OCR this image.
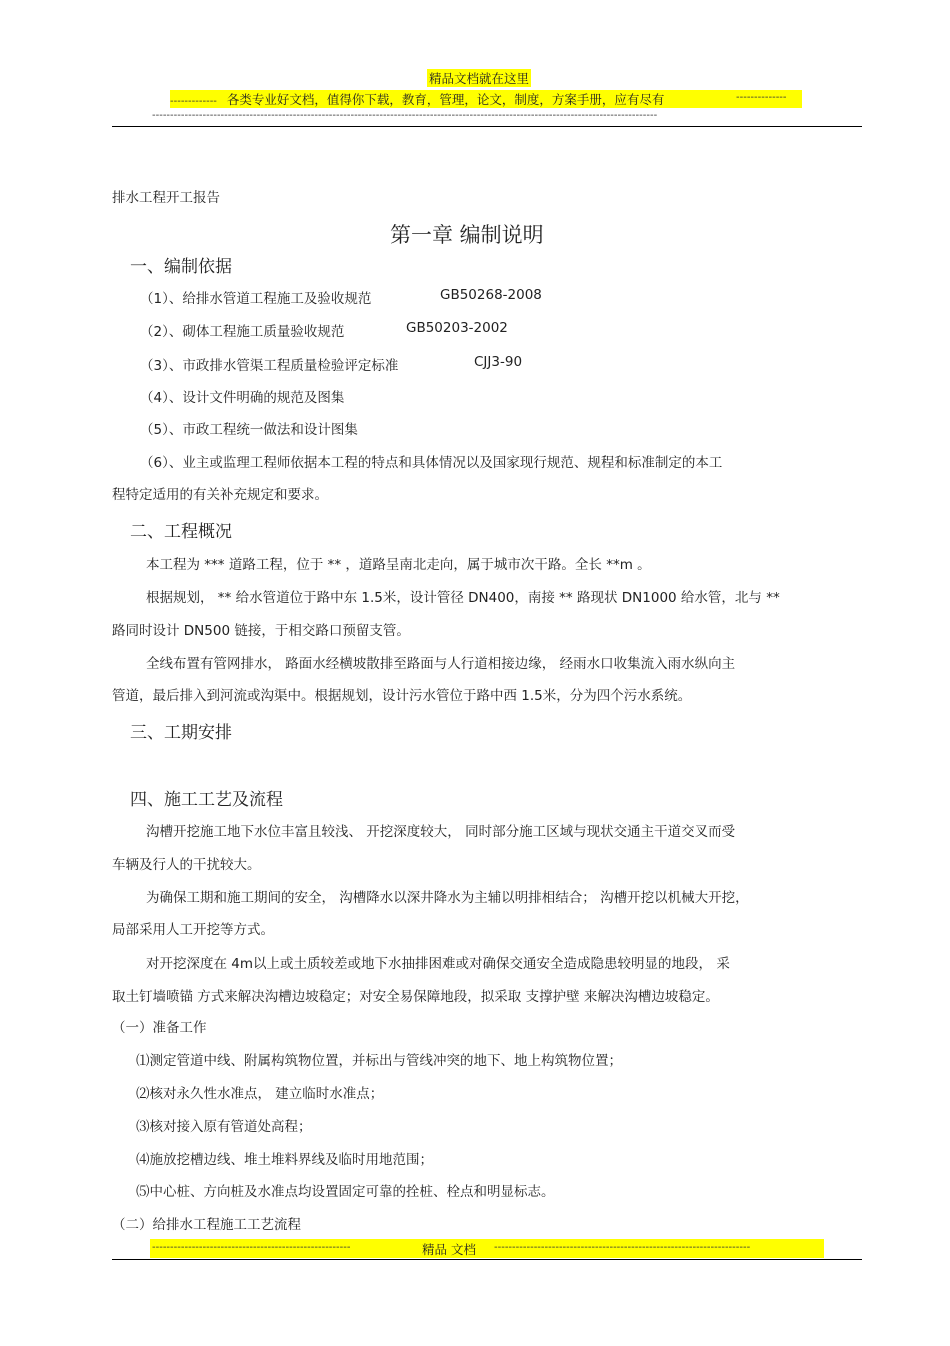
精品文档就在这里
------------- 各类专业好文档，值得你下载，教育，管理，论文，制度，方案手册，应有尽有	--------------
--------------------------------------------------------------------------------------------------------------------------------------------
排水工程开工报告
第一章 编制说明
一、编制依据
（1）、给排水管道工程施工及验收规范	GB50268-2008
（2）、砌体工程施工质量验收规范	GB50203-2002
（3）、市政排水管渠工程质量检验评定标准	CJJ3-90
（4）、设计文件明确的规范及图集
（5）、市政工程统一做法和设计图集
（6）、业主或监理工程师依据本工程的特点和具体情况以及国家现行规范、规程和标准制定的本工
程特定适用的有关补充规定和要求。
二、工程概况
本工程为 *** 道路工程，位于 ** ，道路呈南北走向，属于城市次干路。全长 **m 。
根据规划， ** 给水管道位于路中东 1.5米，设计管径 DN400，南接 ** 路现状 DN1000 给水管，北与 **
路同时设计 DN500 链接，于相交路口预留支管。
全线布置有管网排水， 路面水经横坡散排至路面与人行道相接边缘， 经雨水口收集流入雨水纵向主
管道，最后排入到河流或沟渠中。根据规划，设计污水管位于路中西 1.5米，分为四个污水系统。
三、工期安排
四、施工工艺及流程
沟槽开挖施工地下水位丰富且较浅、 开挖深度较大， 同时部分施工区域与现状交通主干道交叉而受
车辆及行人的干扰较大。
为确保工期和施工期间的安全， 沟槽降水以深井降水为主辅以明排相结合； 沟槽开挖以机械大开挖，
局部采用人工开挖等方式。
对开挖深度在 4m以上或土质较差或地下水抽排困难或对确保交通安全造成隐患较明显的地段， 采
取土钉墙喷锚 方式来解决沟槽边坡稳定；对安全易保障地段，拟采取 支撑护壁 来解决沟槽边坡稳定。
（一）准备工作
⑴测定管道中线、附属构筑物位置，并标出与管线冲突的地下、地上构筑物位置；
⑵核对永久性水准点， 建立临时水准点；
⑶核对接入原有管道处高程；
⑷施放挖槽边线、堆土堆料界线及临时用地范围；
⑸中心桩、方向桩及水准点均设置固定可靠的拴桩、栓点和明显标志。
（二）给排水工程施工工艺流程
-------------------------------------------------------	精品 文档 -----------------------------------------------------------------------
